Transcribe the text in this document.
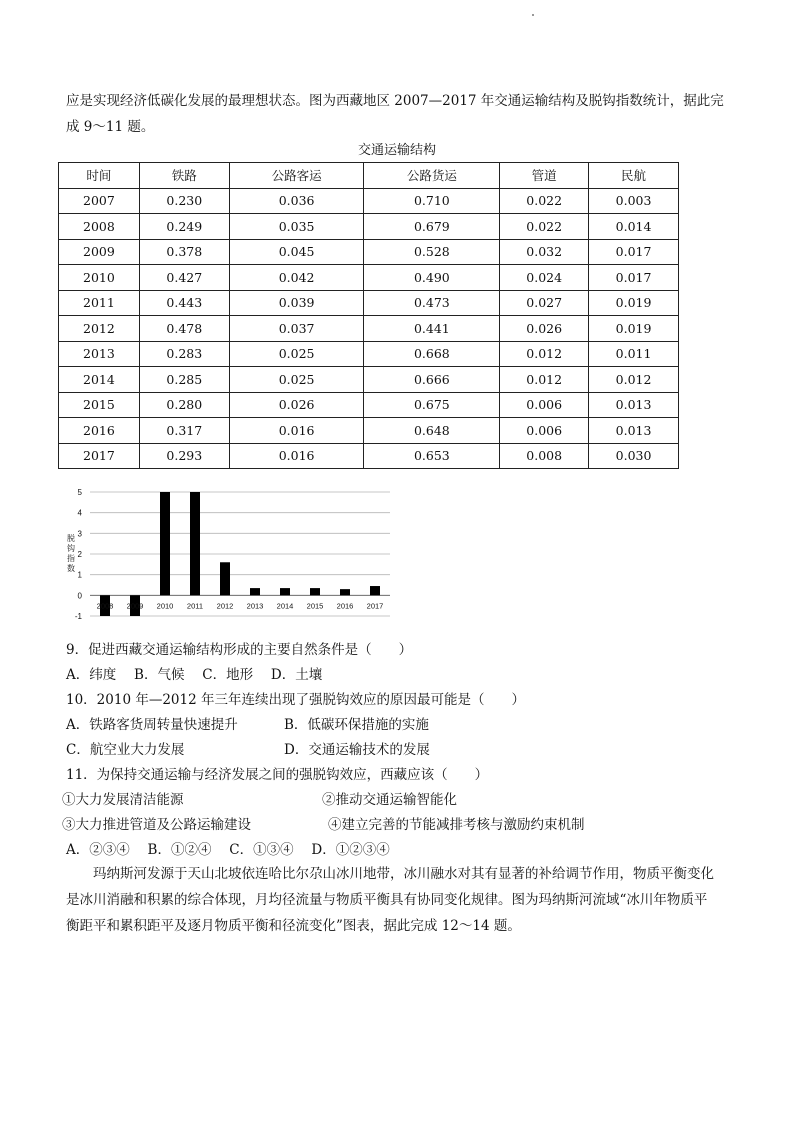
应是实现经济低碳化发展的最理想状态。图为西藏地区 2007—2017 年交通运输结构及脱钩指数统计，据此完
成 9～11 题。
交通运输结构
时间	铁路	公路客运	公路货运	管道	民航
2007	0.230	0.036	0.710	0.022	0.003
2008	0.249	0.035	0.679	0.022	0.014
2009	0.378	0.045	0.528	0.032	0.017
2010	0.427	0.042	0.490	0.024	0.017
2011	0.443	0.039	0.473	0.027	0.019
2012	0.478	0.037	0.441	0.026	0.019
2013	0.283	0.025	0.668	0.012	0.011
2014	0.285	0.025	0.666	0.012	0.012
2015	0.280	0.026	0.675	0.006	0.013
2016	0.317	0.016	0.648	0.006	0.013
2017	0.293	0.016	0.653	0.008	0.030
-1
0
1
2
3
4
5
脱
钩
指
数
2008 2009 2010 2011 2012 2013 2014 2015 2016 2017
9．促进西藏交通运输结构形成的主要自然条件是（　　）
A．纬度　 B．气候　 C．地形　 D．土壤
10．2010 年—2012 年三年连续出现了强脱钩效应的原因最可能是（　　）
A．铁路客货周转量快速提升	B．低碳环保措施的实施
C．航空业大力发展	D．交通运输技术的发展
11．为保持交通运输与经济发展之间的强脱钩效应，西藏应该（　　）
①大力发展清洁能源	②推动交通运输智能化
③大力推进管道及公路运输建设	④建立完善的节能减排考核与激励约束机制
A．②③④　 B．①②④　 C．①③④　 D．①②③④
玛纳斯河发源于天山北坡依连哈比尔尕山冰川地带，冰川融水对其有显著的补给调节作用，物质平衡变化
是冰川消融和积累的综合体现，月均径流量与物质平衡具有协同变化规律。图为玛纳斯河流域“冰川年物质平
衡距平和累积距平及逐月物质平衡和径流变化”图表，据此完成 12～14 题。
